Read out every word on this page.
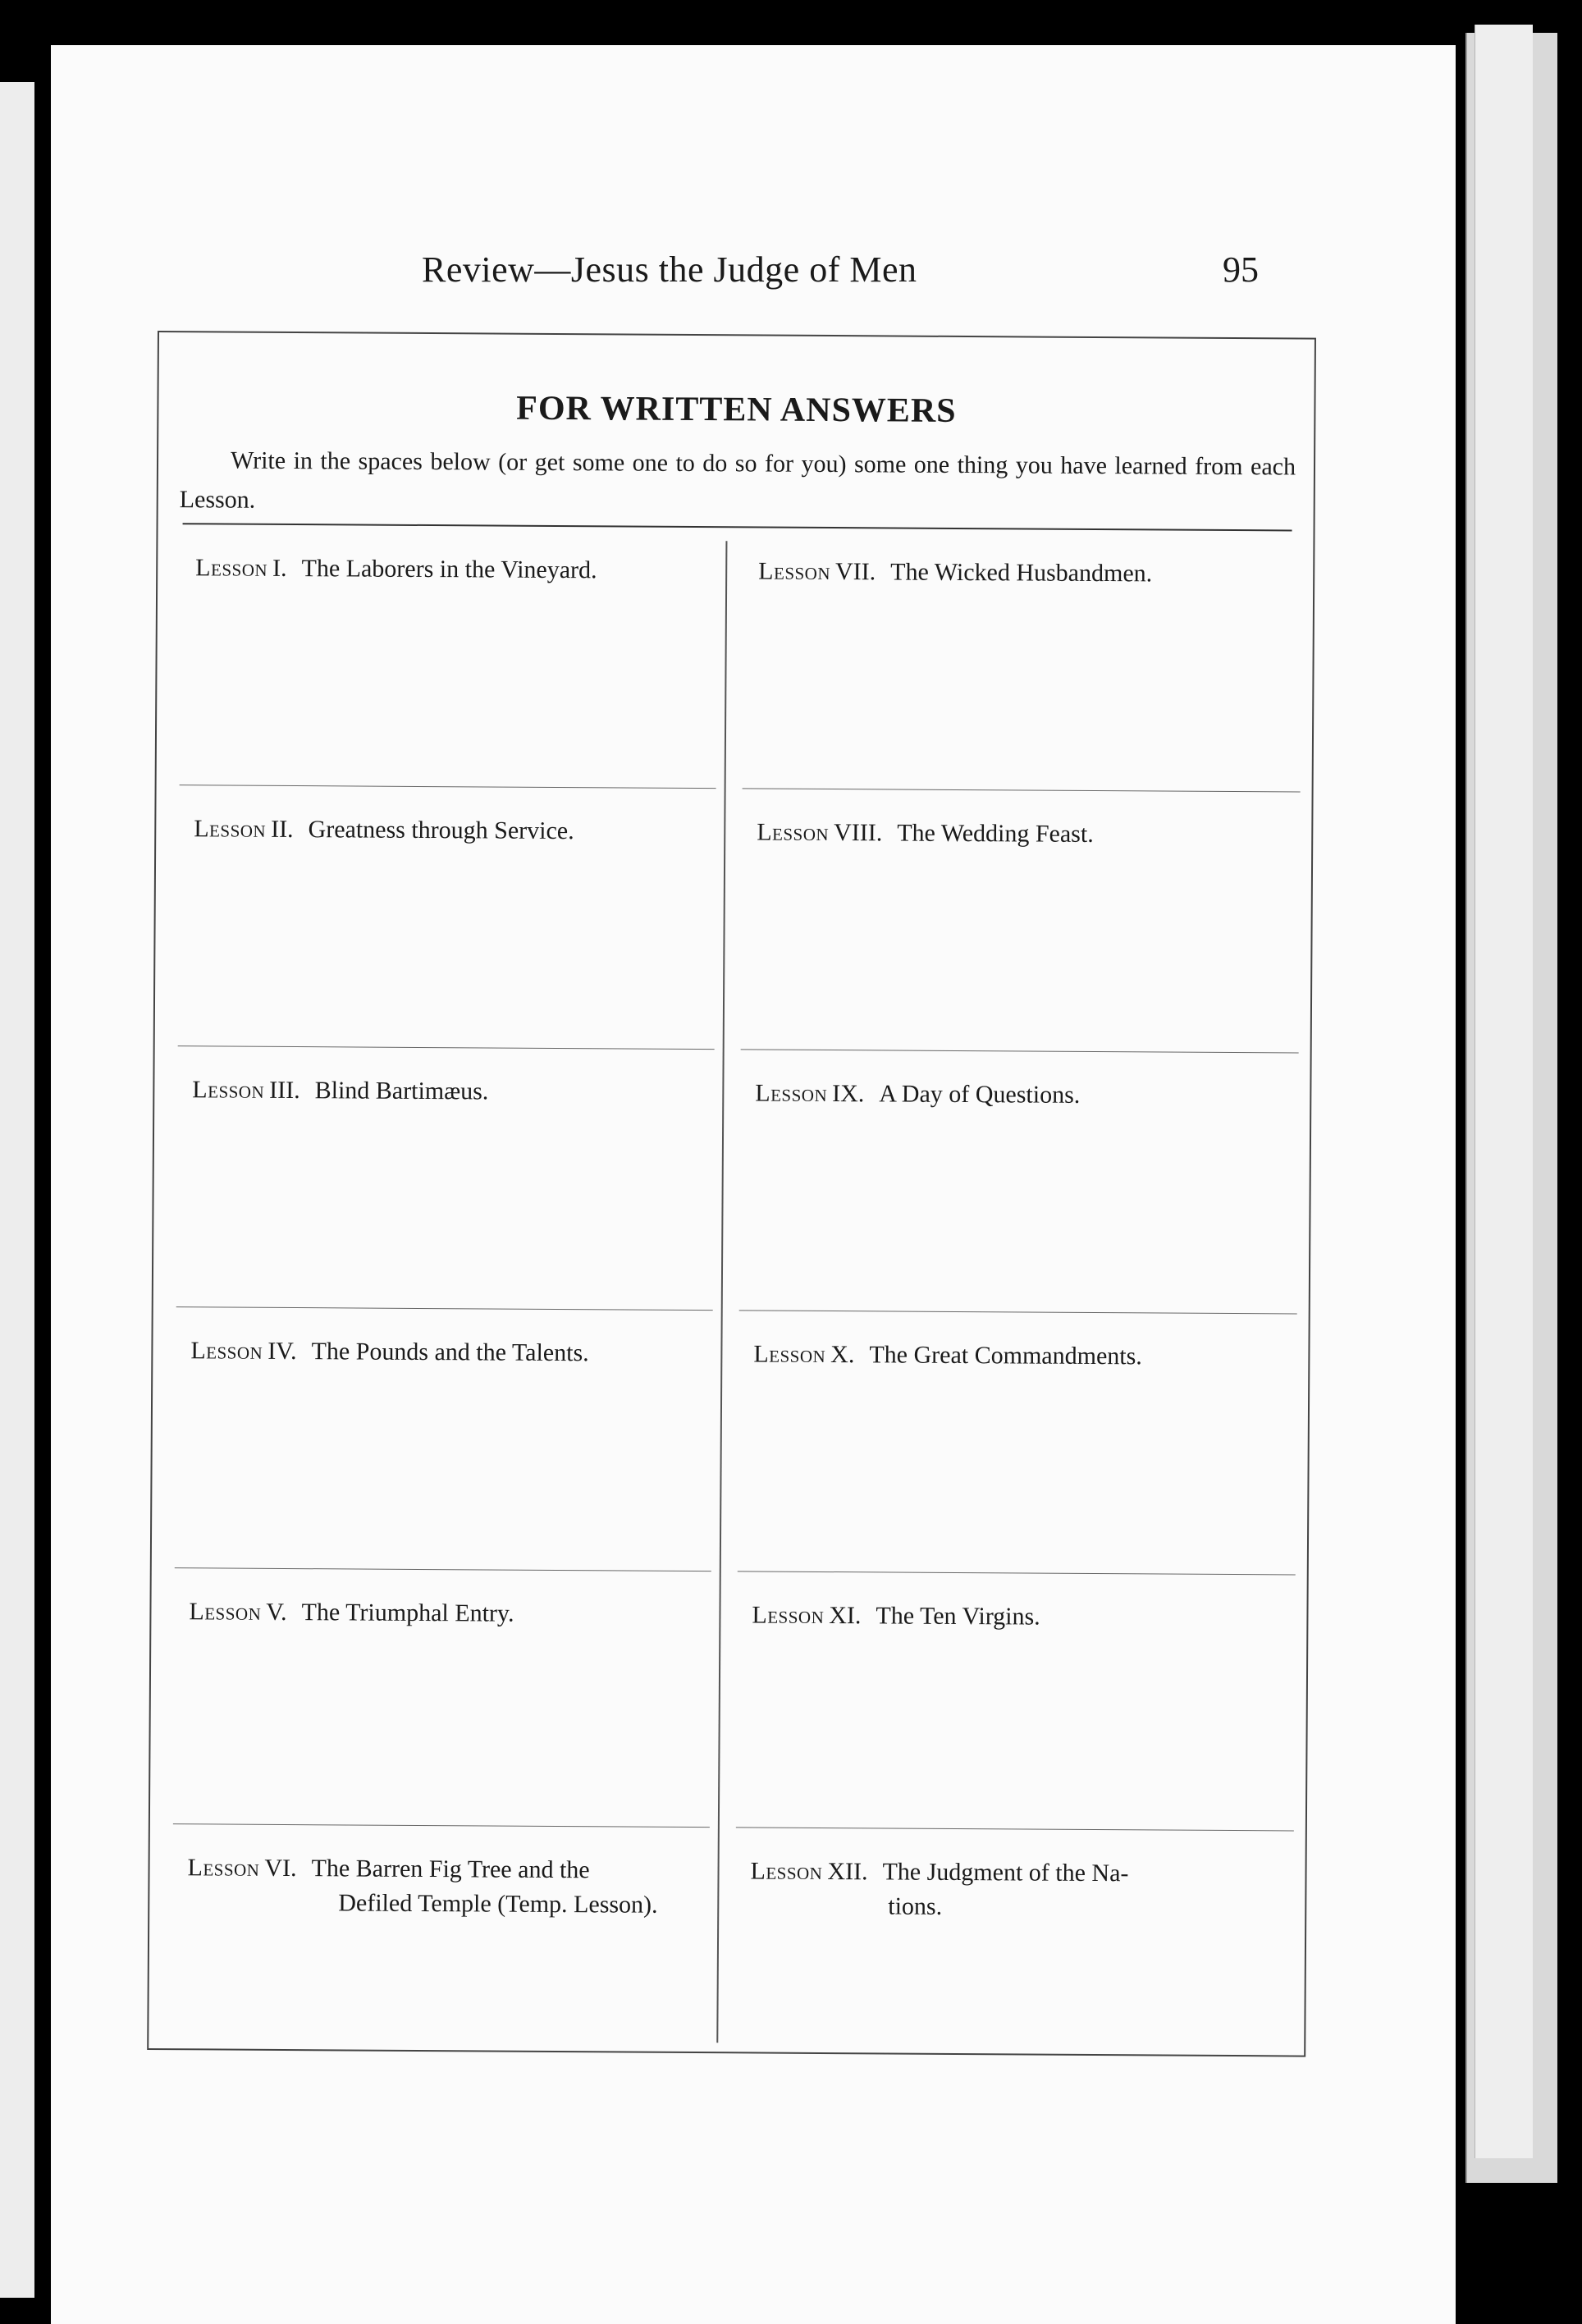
Review—Jesus the Judge of Men	95
FOR WRITTEN ANSWERS
Write in the spaces below (or get some one to do so for you) some one thing you have learned from each Lesson.
Lesson I. The Laborers in the Vineyard.
Lesson II. Greatness through Service.
Lesson III. Blind Bartimæus.
Lesson IV. The Pounds and the Talents.
Lesson V. The Triumphal Entry.
Lesson VI. The Barren Fig Tree and the
Defiled Temple (Temp. Lesson).
Lesson VII. The Wicked Husbandmen.
Lesson VIII. The Wedding Feast.
Lesson IX. A Day of Questions.
Lesson X. The Great Commandments.
Lesson XI. The Ten Virgins.
Lesson XII. The Judgment of the Na-
tions.
